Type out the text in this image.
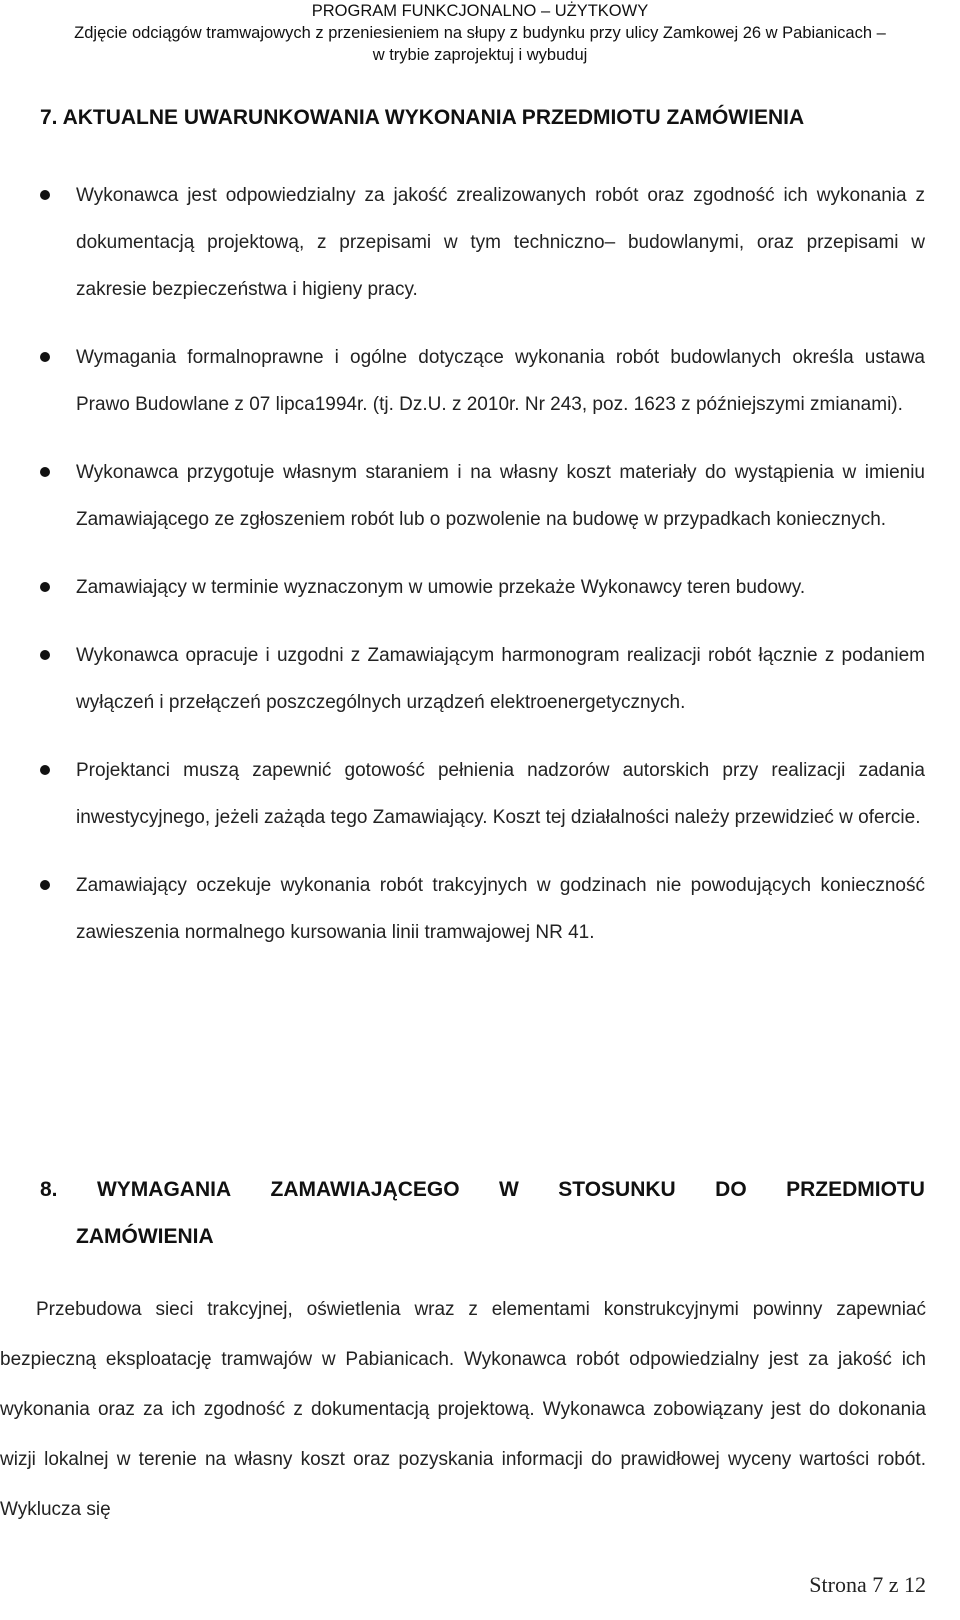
PROGRAM FUNKCJONALNO – UŻYTKOWY
Zdjęcie odciągów tramwajowych z przeniesieniem na słupy z budynku przy ulicy Zamkowej 26 w Pabianicach –
w trybie zaprojektuj i wybuduj
7. AKTUALNE UWARUNKOWANIA WYKONANIA PRZEDMIOTU ZAMÓWIENIA
Wykonawca jest odpowiedzialny za jakość zrealizowanych robót oraz zgodność ich wykonania z dokumentacją projektową, z przepisami w tym techniczno– budowlanymi, oraz przepisami w zakresie bezpieczeństwa i higieny pracy.
Wymagania formalnoprawne i ogólne dotyczące wykonania robót budowlanych określa ustawa Prawo Budowlane z 07 lipca1994r. (tj. Dz.U. z 2010r. Nr 243, poz. 1623 z późniejszymi zmianami).
Wykonawca przygotuje własnym staraniem i na własny koszt materiały do wystąpienia w imieniu Zamawiającego ze zgłoszeniem robót lub o pozwolenie na budowę w przypadkach koniecznych.
Zamawiający w terminie wyznaczonym w umowie przekaże Wykonawcy teren budowy.
Wykonawca opracuje i uzgodni z Zamawiającym harmonogram realizacji robót łącznie z podaniem wyłączeń i przełączeń poszczególnych urządzeń elektroenergetycznych.
Projektanci muszą zapewnić gotowość pełnienia nadzorów autorskich przy realizacji zadania inwestycyjnego, jeżeli zażąda tego Zamawiający. Koszt tej działalności należy przewidzieć w ofercie.
Zamawiający oczekuje wykonania robót trakcyjnych w godzinach nie powodujących konieczność zawieszenia normalnego kursowania linii tramwajowej NR 41.
8. WYMAGANIA ZAMAWIAJĄCEGO W STOSUNKU DO PRZEDMIOTU
ZAMÓWIENIA
Przebudowa sieci trakcyjnej, oświetlenia wraz z elementami konstrukcyjnymi powinny zapewniać bezpieczną eksploatację tramwajów w Pabianicach. Wykonawca robót odpowiedzialny jest za jakość ich wykonania oraz za ich zgodność z dokumentacją projektową. Wykonawca zobowiązany jest do dokonania wizji lokalnej w terenie na własny koszt oraz pozyskania informacji do prawidłowej wyceny wartości robót. Wyklucza się
Strona 7 z 12
